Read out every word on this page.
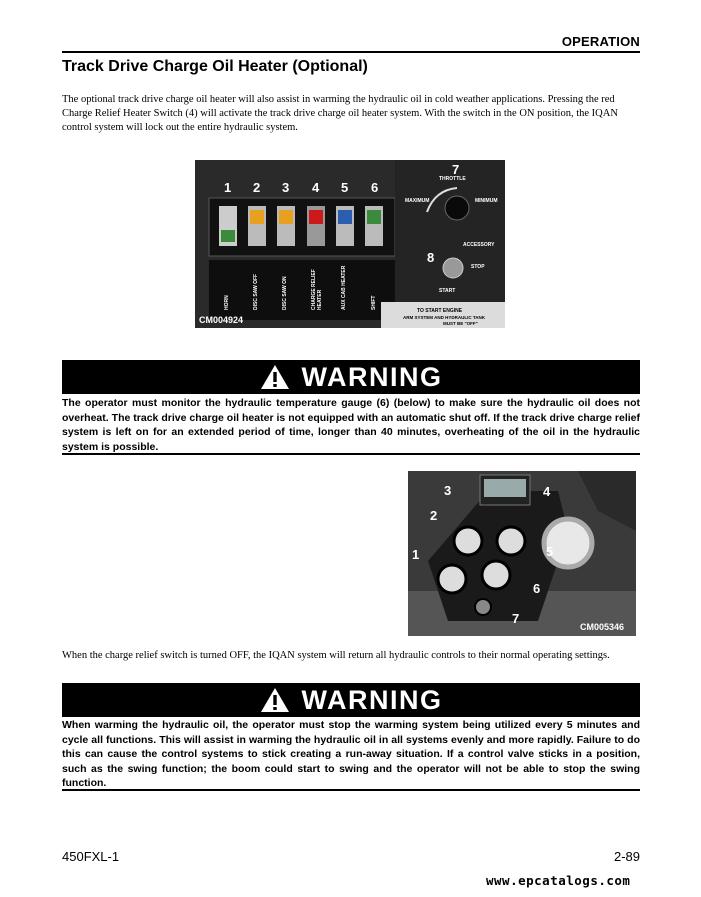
OPERATION
Track Drive Charge Oil Heater (Optional)
The optional track drive charge oil heater will also assist in warming the hydraulic oil in cold weather applications. Pressing the red Charge Relief Heater Switch (4) will activate the track drive charge oil heater system. With the switch in the ON position, the IQAN control system will lock out the entire hydraulic system.
1 2 3 4 5 6
HORN	DISC SAW OFF	DISC SAW ON	CHARGE RELIEF HEATER	AUX CAB HEATER	SHIFT
7
THROTTLE
MAXIMUM	MINIMUM
8
ACCESSORY
STOP
START
TO START ENGINE
ARM SYSTEM AND HYDRAULIC TANK
MUST BE "OFF"
CM004924
WARNING
The operator must monitor the hydraulic temperature gauge (6) (below) to make sure the hydraulic oil does not overheat. The track drive charge oil heater is not equipped with an automatic shut off. If the track drive charge relief system is left on for an extended period of time, longer than 40 minutes, overheating of the oil in the hydraulic system is possible.
1
2
3	4
5
6
7
CM005346
When the charge relief switch is turned OFF, the IQAN system will return all hydraulic controls to their normal operating settings.
WARNING
When warming the hydraulic oil, the operator must stop the warming system being utilized every 5 minutes and cycle all functions. This will assist in warming the hydraulic oil in all systems evenly and more rapidly. Failure to do this can cause the control systems to stick creating a run-away situation. If a control valve sticks in a position, such as the swing function; the boom could start to swing and the operator will not be able to stop the swing function.
450FXL-1	2-89
www.epcatalogs.com
